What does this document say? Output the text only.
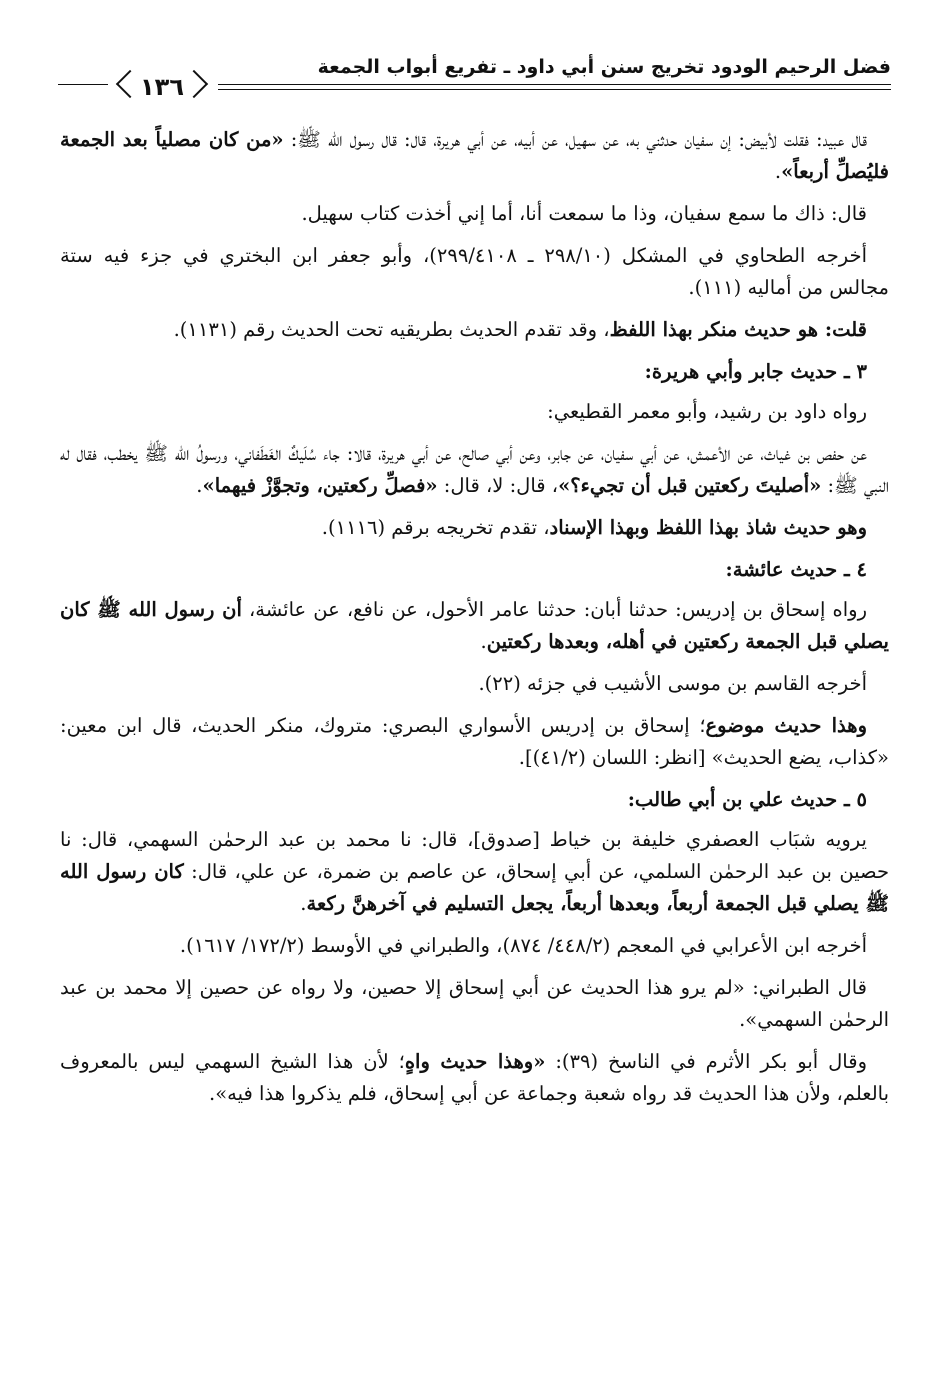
فضل الرحيم الودود تخريج سنن أبي داود ـ تفريع أبواب الجمعة
١٣٦

قال عبيد: فقلت لأبيض: إن سفيان حدثني به، عن سهيل، عن أبيه، عن أبي هريرة، قال: قال رسول الله ﷺ: «من كان مصلياً بعد الجمعة فليُصلِّ أربعاً».

قال: ذاك ما سمع سفيان، وذا ما سمعت أنا، أما إني أخذت كتاب سهيل.

أخرجه الطحاوي في المشكل (٢٩٨/١٠ ـ ٢٩٩/٤١٠٨)، وأبو جعفر ابن البختري في جزء فيه ستة مجالس من أماليه (١١١).

قلت: هو حديث منكر بهذا اللفظ، وقد تقدم الحديث بطريقيه تحت الحديث رقم (١١٣١).

٣ ـ حديث جابر وأبي هريرة:

رواه داود بن رشيد، وأبو معمر القطيعي:

عن حفص بن غياث، عن الأعمش، عن أبي سفيان، عن جابر، وعن أبي صالح، عن أبي هريرة، قالا: جاء سُلَيكٌ الغَطَفاني، ورسولُ الله ﷺ يخطب، فقال له النبي ﷺ: «أصليتَ ركعتين قبل أن تجيء؟»، قال: لا، قال: «فصلِّ ركعتين، وتجوَّزْ فيهما».

وهو حديث شاذ بهذا اللفظ وبهذا الإسناد، تقدم تخريجه برقم (١١١٦).

٤ ـ حديث عائشة:

رواه إسحاق بن إدريس: حدثنا أبان: حدثنا عامر الأحول، عن نافع، عن عائشة، أن رسول الله ﷺ كان يصلي قبل الجمعة ركعتين في أهله، وبعدها ركعتين.

أخرجه القاسم بن موسى الأشيب في جزئه (٢٢).

وهذا حديث موضوع؛ إسحاق بن إدريس الأسواري البصري: متروك، منكر الحديث، قال ابن معين: «كذاب، يضع الحديث» [انظر: اللسان (٤١/٢)].

٥ ـ حديث علي بن أبي طالب:

يرويه شبَاب العصفري خليفة بن خياط [صدوق]، قال: نا محمد بن عبد الرحمٰن السهمي، قال: نا حصين بن عبد الرحمٰن السلمي، عن أبي إسحاق، عن عاصم بن ضمرة، عن علي، قال: كان رسول الله ﷺ يصلي قبل الجمعة أربعاً، وبعدها أربعاً، يجعل التسليم في آخرهنَّ ركعة.

أخرجه ابن الأعرابي في المعجم (٤٤٨/٢/ ٨٧٤)، والطبراني في الأوسط (١٧٢/٢/ ١٦١٧).

قال الطبراني: «لم يرو هذا الحديث عن أبي إسحاق إلا حصين، ولا رواه عن حصين إلا محمد بن عبد الرحمٰن السهمي».

وقال أبو بكر الأثرم في الناسخ (٣٩): «وهذا حديث واهٍ؛ لأن هذا الشيخ السهمي ليس بالمعروف بالعلم، ولأن هذا الحديث قد رواه شعبة وجماعة عن أبي إسحاق، فلم يذكروا هذا فيه».
